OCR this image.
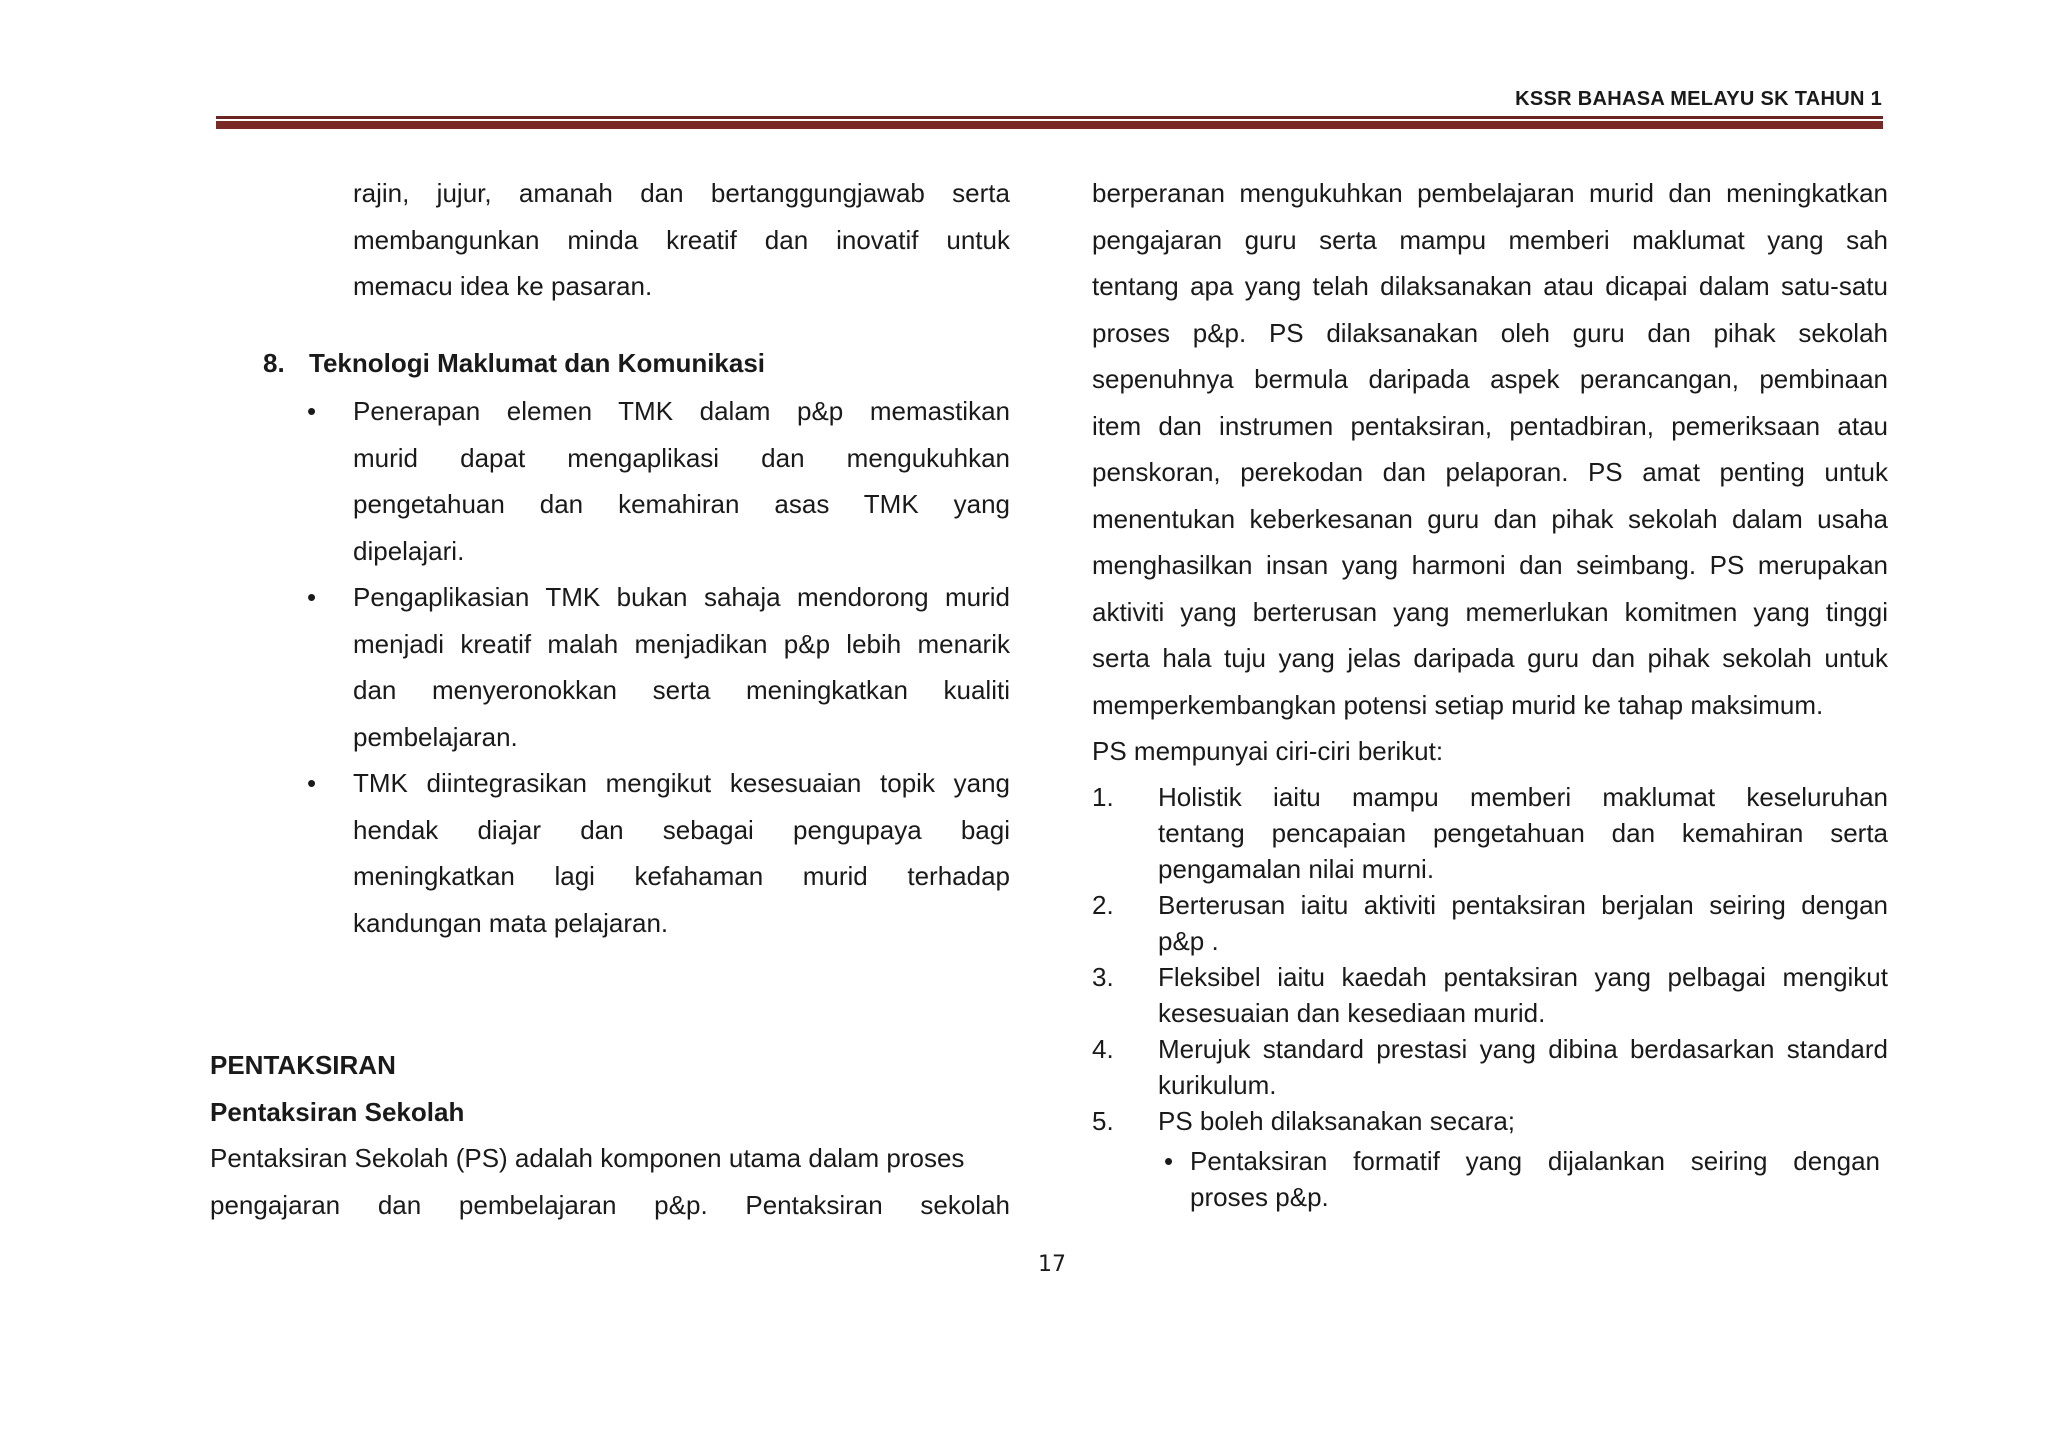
KSSR BAHASA MELAYU SK TAHUN 1
rajin, jujur, amanah dan bertanggungjawab serta
membangunkan minda kreatif dan inovatif untuk
memacu idea ke pasaran.
8. Teknologi Maklumat dan Komunikasi
• Penerapan elemen TMK dalam p&p memastikan
murid dapat mengaplikasi dan mengukuhkan
pengetahuan dan kemahiran asas TMK yang
dipelajari.
• Pengaplikasian TMK bukan sahaja mendorong murid
menjadi kreatif malah menjadikan p&p lebih menarik
dan menyeronokkan serta meningkatkan kualiti
pembelajaran.
• TMK diintegrasikan mengikut kesesuaian topik yang
hendak diajar dan sebagai pengupaya bagi
meningkatkan lagi kefahaman murid terhadap
kandungan mata pelajaran.
PENTAKSIRAN
Pentaksiran Sekolah
Pentaksiran Sekolah (PS) adalah komponen utama dalam proses
pengajaran dan pembelajaran p&p. Pentaksiran sekolah
berperanan mengukuhkan pembelajaran murid dan meningkatkan
pengajaran guru serta mampu memberi maklumat yang sah
tentang apa yang telah dilaksanakan atau dicapai dalam satu-satu
proses p&p. PS dilaksanakan oleh guru dan pihak sekolah
sepenuhnya bermula daripada aspek perancangan, pembinaan
item dan instrumen pentaksiran, pentadbiran, pemeriksaan atau
penskoran, perekodan dan pelaporan. PS amat penting untuk
menentukan keberkesanan guru dan pihak sekolah dalam usaha
menghasilkan insan yang harmoni dan seimbang. PS merupakan
aktiviti yang berterusan yang memerlukan komitmen yang tinggi
serta hala tuju yang jelas daripada guru dan pihak sekolah untuk
memperkembangkan potensi setiap murid ke tahap maksimum.
PS mempunyai ciri-ciri berikut:
1. Holistik iaitu mampu memberi maklumat keseluruhan
tentang pencapaian pengetahuan dan kemahiran serta
pengamalan nilai murni.
2. Berterusan iaitu aktiviti pentaksiran berjalan seiring dengan
p&p .
3. Fleksibel iaitu kaedah pentaksiran yang pelbagai mengikut
kesesuaian dan kesediaan murid.
4. Merujuk standard prestasi yang dibina berdasarkan standard
kurikulum.
5. PS boleh dilaksanakan secara;
• Pentaksiran formatif yang dijalankan seiring dengan
proses p&p.
17
